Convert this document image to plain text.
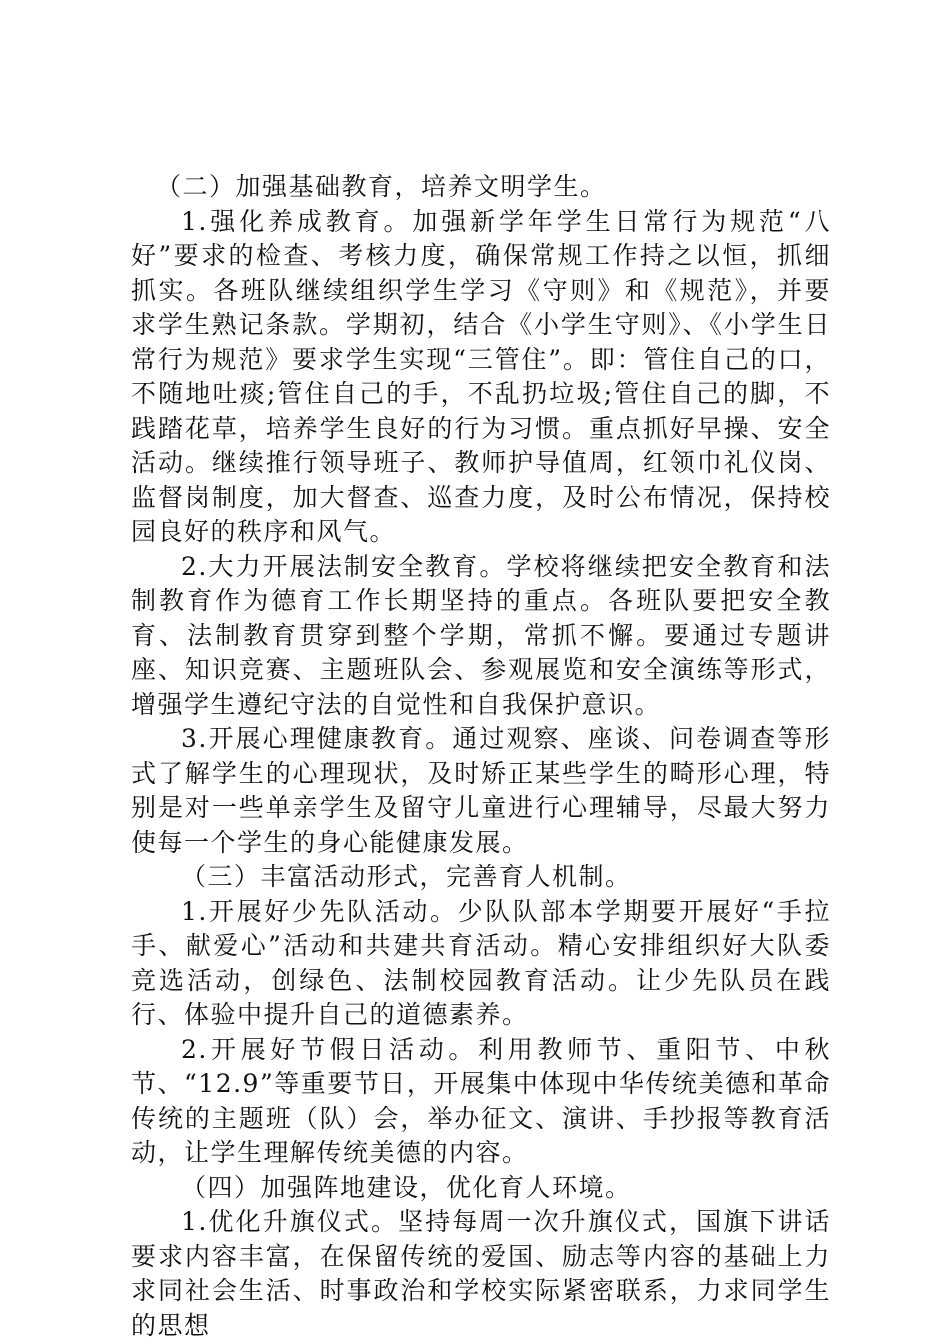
（二）加强基础教育，培养文明学生。

1.强化养成教育。加强新学年学生日常行为规范“八好”要求的检查、考核力度，确保常规工作持之以恒，抓细抓实。各班队继续组织学生学习《守则》和《规范》，并要求学生熟记条款。学期初，结合《小学生守则》、《小学生日常行为规范》要求学生实现“三管住”。即：管住自己的口，不随地吐痰;管住自己的手，不乱扔垃圾;管住自己的脚，不践踏花草，培养学生良好的行为习惯。重点抓好早操、安全活动。继续推行领导班子、教师护导值周，红领巾礼仪岗、监督岗制度，加大督查、巡查力度，及时公布情况，保持校园良好的秩序和风气。

2.大力开展法制安全教育。学校将继续把安全教育和法制教育作为德育工作长期坚持的重点。各班队要把安全教育、法制教育贯穿到整个学期，常抓不懈。要通过专题讲座、知识竞赛、主题班队会、参观展览和安全演练等形式，增强学生遵纪守法的自觉性和自我保护意识。

3.开展心理健康教育。通过观察、座谈、问卷调查等形式了解学生的心理现状，及时矫正某些学生的畸形心理，特别是对一些单亲学生及留守儿童进行心理辅导，尽最大努力使每一个学生的身心能健康发展。

（三）丰富活动形式，完善育人机制。

1.开展好少先队活动。少队队部本学期要开展好“手拉手、献爱心”活动和共建共育活动。精心安排组织好大队委竞选活动，创绿色、法制校园教育活动。让少先队员在践行、体验中提升自己的道德素养。

2.开展好节假日活动。利用教师节、重阳节、中秋节、“12.9”等重要节日，开展集中体现中华传统美德和革命传统的主题班（队）会，举办征文、演讲、手抄报等教育活动，让学生理解传统美德的内容。

（四）加强阵地建设，优化育人环境。

1.优化升旗仪式。坚持每周一次升旗仪式，国旗下讲话要求内容丰富，在保留传统的爱国、励志等内容的基础上力求同社会生活、时事政治和学校实际紧密联系，力求同学生的思想
